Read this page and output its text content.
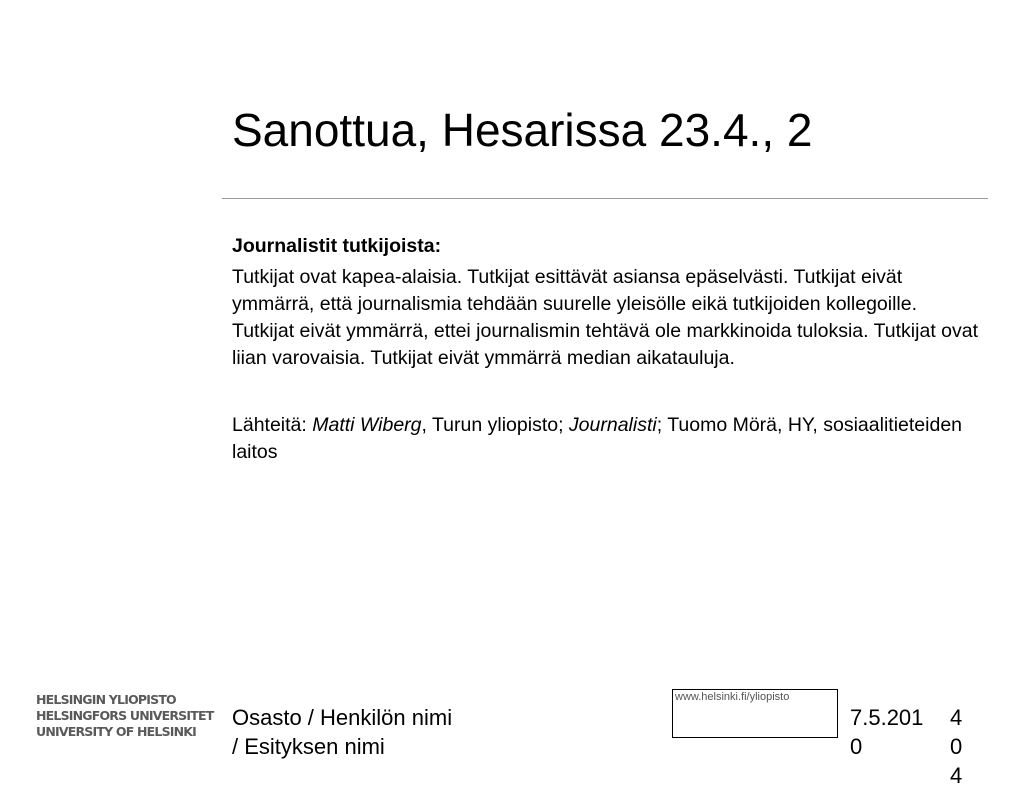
Sanottua, Hesarissa 23.4., 2

Journalistit tutkijoista:

Tutkijat ovat kapea-alaisia. Tutkijat esittävät asiansa epäselvästi. Tutkijat eivät ymmärrä, että journalismia tehdään suurelle yleisölle eikä tutkijoiden kollegoille. Tutkijat eivät ymmärrä, ettei journalismin tehtävä ole markkinoida tuloksia. Tutkijat ovat liian varovaisia. Tutkijat eivät ymmärrä median aikatauluja.

Lähteitä: Matti Wiberg, Turun yliopisto; Journalisti; Tuomo Mörä, HY, sosiaalitieteiden laitos

HELSINGIN YLIOPISTO
HELSINGFORS UNIVERSITET
UNIVERSITY OF HELSINKI
Osasto / Henkilön nimi
/ Esityksen nimi
www.helsinki.fi/yliopisto
7.5.2010
404
